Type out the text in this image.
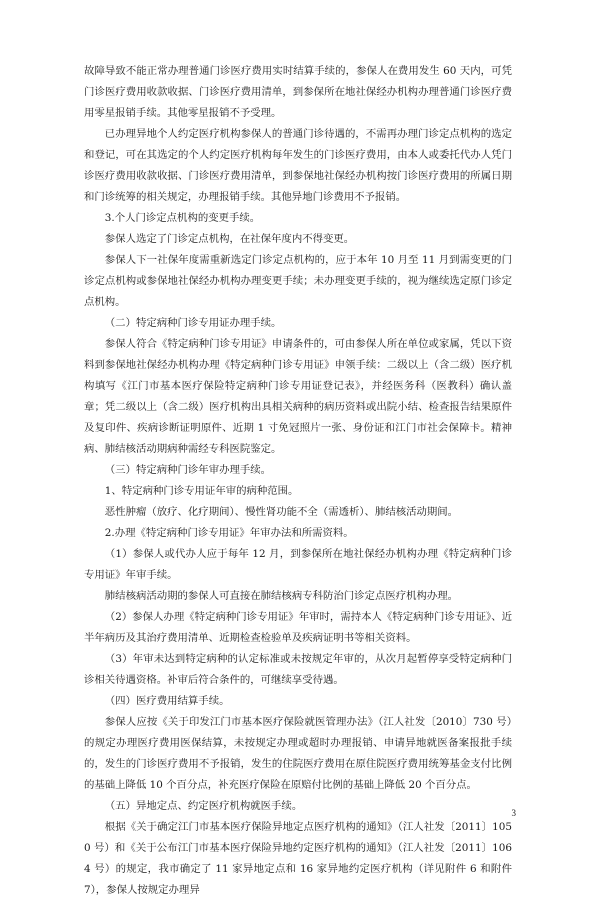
故障导致不能正常办理普通门诊医疗费用实时结算手续的，参保人在费用发生 60 天内，可凭门诊医疗费用收款收据、门诊医疗费用清单，到参保所在地社保经办机构办理普通门诊医疗费用零星报销手续。其他零星报销不予受理。

已办理异地个人约定医疗机构参保人的普通门诊待遇的，不需再办理门诊定点机构的选定和登记，可在其选定的个人约定医疗机构每年发生的门诊医疗费用，由本人或委托代办人凭门诊医疗费用收款收据、门诊医疗费用清单，到参保地社保经办机构按门诊医疗费用的所属日期和门诊统筹的相关规定，办理报销手续。其他异地门诊费用不予报销。

3.个人门诊定点机构的变更手续。

参保人选定了门诊定点机构，在社保年度内不得变更。

参保人下一社保年度需重新选定门诊定点机构的，应于本年 10 月至 11 月到需变更的门诊定点机构或参保地社保经办机构办理变更手续；未办理变更手续的，视为继续选定原门诊定点机构。

（二）特定病种门诊专用证办理手续。

参保人符合《特定病种门诊专用证》申请条件的，可由参保人所在单位或家属，凭以下资料到参保地社保经办机构办理《特定病种门诊专用证》申领手续：二级以上（含二级）医疗机构填写《江门市基本医疗保险特定病种门诊专用证登记表》，并经医务科（医教科）确认盖章；凭二级以上（含二级）医疗机构出具相关病种的病历资料或出院小结、检查报告结果原件及复印件、疾病诊断证明原件、近期 1 寸免冠照片一张、身份证和江门市社会保障卡。精神病、肺结核活动期病种需经专科医院鉴定。

（三）特定病种门诊年审办理手续。

1、特定病种门诊专用证年审的病种范围。

恶性肿瘤（放疗、化疗期间）、慢性肾功能不全（需透析）、肺结核活动期间。

2.办理《特定病种门诊专用证》年审办法和所需资料。

（1）参保人或代办人应于每年 12 月，到参保所在地社保经办机构办理《特定病种门诊专用证》年审手续。

肺结核病活动期的参保人可直接在肺结核病专科防治门诊定点医疗机构办理。

（2）参保人办理《特定病种门诊专用证》年审时，需持本人《特定病种门诊专用证》、近半年病历及其治疗费用清单、近期检查检验单及疾病证明书等相关资料。

（3）年审未达到特定病种的认定标准或未按规定年审的，从次月起暂停享受特定病种门诊相关待遇资格。补审后符合条件的，可继续享受待遇。

（四）医疗费用结算手续。

参保人应按《关于印发江门市基本医疗保险就医管理办法》（江人社发〔2010〕730 号）的规定办理医疗费用医保结算，未按规定办理或超时办理报销、申请异地就医备案报批手续的，发生的门诊医疗费用不予报销，发生的住院医疗费用在原住院医疗费用统筹基金支付比例的基础上降低 10 个百分点，补充医疗保险在原赔付比例的基础上降低 20 个百分点。

（五）异地定点、约定医疗机构就医手续。

根据《关于确定江门市基本医疗保险异地定点医疗机构的通知》（江人社发〔2011〕1050 号）和《关于公布江门市基本医疗保险异地约定医疗机构的通知》（江人社发〔2011〕1064 号）的规定，我市确定了 11 家异地定点和 16 家异地约定医疗机构（详见附件 6 和附件 7），参保人按规定办理异

3
